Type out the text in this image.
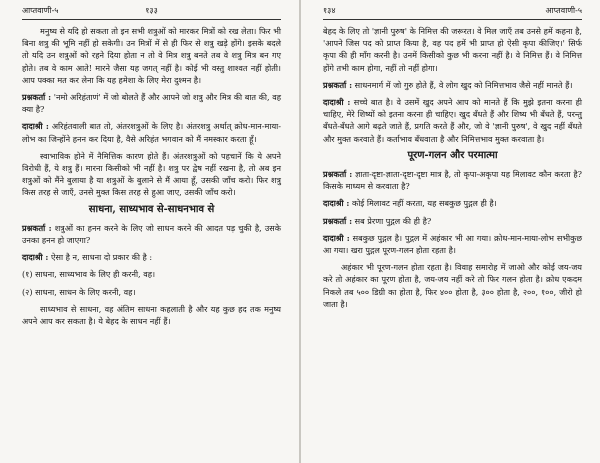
आप्तवाणी-५	१३३

मनुष्य से यदि हो सकता तो इन सभी शत्रुओं को मारकर मित्रों को रख लेता। फिर भी बिना शत्रु की भूमि नहीं हो सकेगी। उन मित्रों में से ही फिर से शत्रु खड़े होंगे। इसके बदले तो यदि उन शत्रुओं को रहने दिया होता न तो वे मित्र शत्रु बनते तब वे शत्रु मित्र बन गए होते। तब वे काम आते! मारने जैसा यह जगत् नहीं है। कोई भी वस्तु शाश्वत नहीं होती। आप पक्का मत कर लेना कि यह हमेशा के लिए मेरा दुश्मन है।

प्रश्नकर्ता : 'नमो अरिहंताणं' में जो बोलते हैं और आपने जो शत्रु और मित्र की बात की, वह क्या है?

दादाश्री : अरिहंतवाली बात तो, अंतरशत्रुओं के लिए है। अंतरशत्रु अर्थात् क्रोध-मान-माया-लोभ का जिन्होंने हनन कर दिया है, वैसे अरिहंत भगवान को मैं नमस्कार करता हूँ।

स्वाभाविक होने में नैमित्तिक कारण होते हैं। अंतरशत्रुओं को पहचानें कि ये अपने विरोधी हैं, ये शत्रु हैं। मारना किसीको भी नहीं है। शत्रु पर द्वेष नहीं रखना है, तो अब इन शत्रुओं को मैंने बुलाया है या शत्रुओं के बुलाने से मैं आया हूँ, उसकी जाँच करो। फिर शत्रु किस तरह से जाएँ, उनसे मुक्त किस तरह से हुआ जाए, उसकी जाँच करो।

साधना, साध्यभाव से-साधनभाव से

प्रश्नकर्ता : शत्रुओं का हनन करने के लिए जो साधन करने की आदत पड़ चुकी है, उसके उनका हनन हो जाएगा?

दादाश्री : ऐसा है न, साधना दो प्रकार की है :

(१) साधना, साध्यभाव के लिए ही करनी, वह।

(२) साधना, साधन के लिए करनी, वह।

साध्यभाव से साधना, वह अंतिम साधना कहलाती है और यह कुछ हद तक मनुष्य अपने आप कर सकता है। ये बेहद के साधन नहीं हैं।

१३४	आप्तवाणी-५

बेहद के लिए तो 'ज्ञानी पुरुष' के निमित्त की जरूरत। वे मिल जाएँ तब उनसे हमें कहना है, 'आपने जिस पद को प्राप्त किया है, वह पद हमें भी प्राप्त हो ऐसी कृपा कीजिए।' सिर्फ कृपा की ही माँग करनी है। उनमें किसीको कुछ भी करना नहीं है। वे निमित्त हैं। वे निमित्त होंगे तभी काम होगा, नहीं तो नहीं होगा।

प्रश्नकर्ता : साधनमार्ग में जो गुरु होते हैं, वे लोग खुद को निमित्तभाव जैसे नहीं मानते हैं।

दादाश्री : सच्चे बात है। वे उसमें खुद अपने आप को मानते हैं कि मुझे इतना करना ही चाहिए, मेरे शिष्यों को इतना करना ही चाहिए। खुद बँधते हैं और शिष्य भी बँधते हैं, परन्तु बँधते-बँधते आगे बढ़ते जाते हैं, प्रगति करते हैं और, जो वे 'ज्ञानी पुरुष', वे खुद नहीं बँधते और मुक्त करवाते हैं। कर्ताभाव बँधवाता है और निमित्तभाव मुक्त करवाता है।

पूरण-गलन और परमात्मा

प्रश्नकर्ता : ज्ञाता-दृष्टा-ज्ञाता-दृष्टा-दृष्टा मात्र है, तो कृपा-अकृपा यह मिलावट कौन करता है? किसके माध्यम से करवाता है?

दादाश्री : कोई मिलावट नहीं करता, यह सबकुछ पुद्गल ही है।

प्रश्नकर्ता : सब प्रेरणा पुद्गल की ही है?

दादाश्री : सबकुछ पुद्गल है। पुद्गल में अहंकार भी आ गया। क्रोध-मान-माया-लोभ सभीकुछ आ गया। खरा पुद्गल पूरण-गलन होता रहता है।

अहंकार भी पूरण-गलन होता रहता है। विवाह समारोह में जाओ और कोई जय-जय करे तो अहंकार का पूरण होता है, जय-जय नहीं करे तो फिर गलन होता है। क्रोध एकदम निकले तब ५०० डिग्री का होता है, फिर ४०० होता है, ३०० होता है, २००, १००, जीरो हो जाता है।
